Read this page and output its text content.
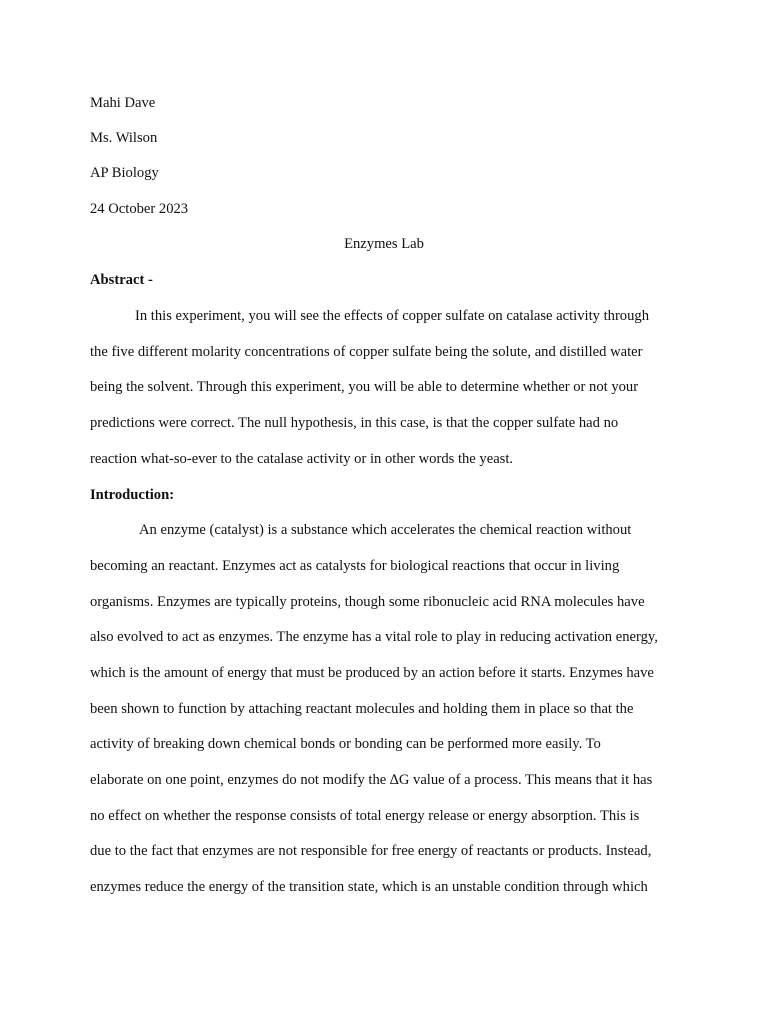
Mahi Dave
Ms. Wilson
AP Biology
24 October 2023
Enzymes Lab
Abstract -
In this experiment, you will see the effects of copper sulfate on catalase activity through
the five different molarity concentrations of copper sulfate being the solute, and distilled water
being the solvent. Through this experiment, you will be able to determine whether or not your
predictions were correct. The null hypothesis, in this case, is that the copper sulfate had no
reaction what-so-ever to the catalase activity or in other words the yeast.
Introduction:
An enzyme (catalyst) is a substance which accelerates the chemical reaction without
becoming an reactant. Enzymes act as catalysts for biological reactions that occur in living
organisms. Enzymes are typically proteins, though some ribonucleic acid RNA molecules have
also evolved to act as enzymes. The enzyme has a vital role to play in reducing activation energy,
which is the amount of energy that must be produced by an action before it starts. Enzymes have
been shown to function by attaching reactant molecules and holding them in place so that the
activity of breaking down chemical bonds or bonding can be performed more easily. To
elaborate on one point, enzymes do not modify the ∆G value of a process. This means that it has
no effect on whether the response consists of total energy release or energy absorption. This is
due to the fact that enzymes are not responsible for free energy of reactants or products. Instead,
enzymes reduce the energy of the transition state, which is an unstable condition through which
